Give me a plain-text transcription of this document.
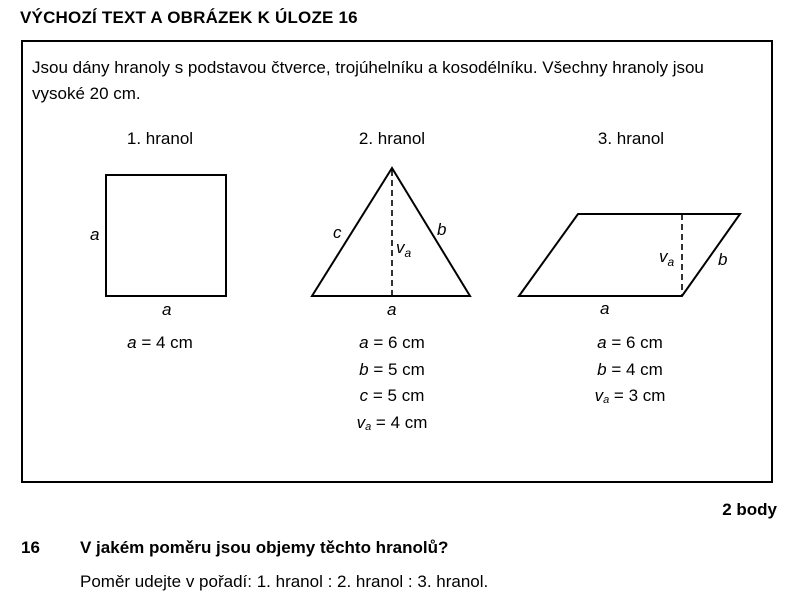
VÝCHOZÍ TEXT A OBRÁZEK K ÚLOZE 16
Jsou dány hranoly s podstavou čtverce, trojúhelníku a kosodélníku. Všechny hranoly jsou vysoké 20 cm.
1. hranol	2. hranol	3. hranol
a
a
c	b
$v_a$
a
$v_a$	b
a
a = 4 cm	a = 6 cm
b = 5 cm
c = 5 cm
$v_a = 4$ cm
a = 6 cm
b = 4 cm
$v_a = 3$ cm
2 body
16 V jakém poměru jsou objemy těchto hranolů?
Poměr udejte v pořadí: 1. hranol : 2. hranol : 3. hranol.
